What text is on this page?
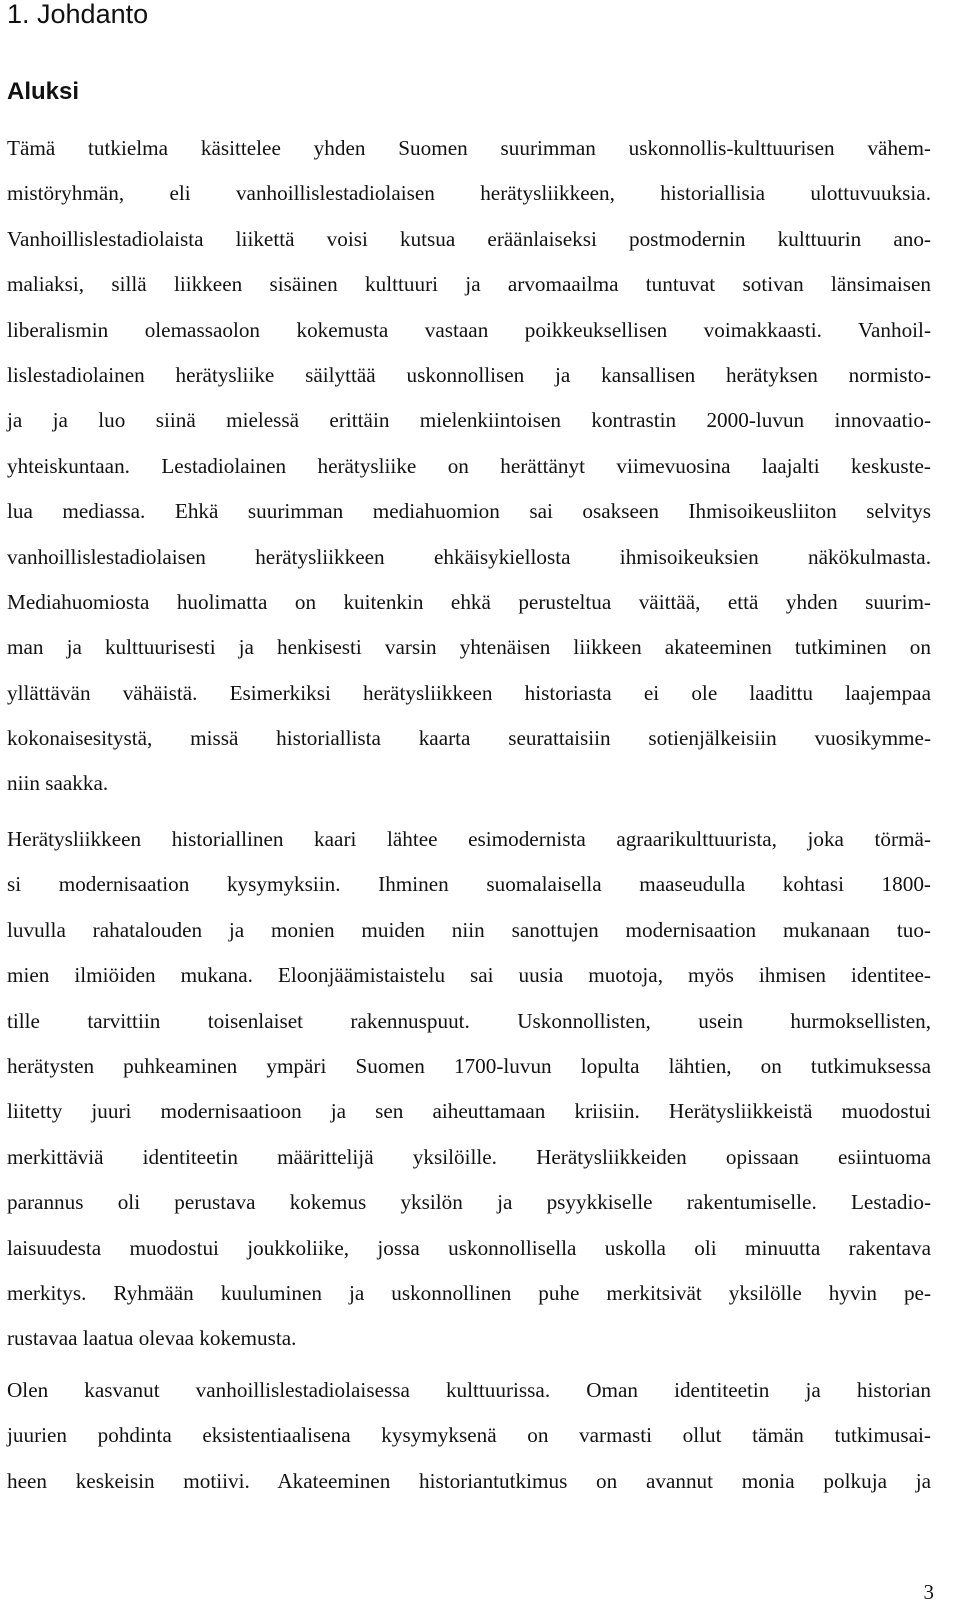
1. Johdanto
Aluksi
Tämä tutkielma käsittelee yhden Suomen suurimman uskonnollis-kulttuurisen vähem-
mistöryhmän, eli vanhoillislestadiolaisen herätysliikkeen, historiallisia ulottuvuuksia.
Vanhoillislestadiolaista liikettä voisi kutsua eräänlaiseksi postmodernin kulttuurin ano-
maliaksi, sillä liikkeen sisäinen kulttuuri ja arvomaailma tuntuvat sotivan länsimaisen
liberalismin olemassaolon kokemusta vastaan poikkeuksellisen voimakkaasti. Vanhoil-
lislestadiolainen herätysliike säilyttää uskonnollisen ja kansallisen herätyksen normisto-
ja ja luo siinä mielessä erittäin mielenkiintoisen kontrastin 2000-luvun innovaatio-
yhteiskuntaan. Lestadiolainen herätysliike on herättänyt viimevuosina laajalti keskuste-
lua mediassa. Ehkä suurimman mediahuomion sai osakseen Ihmisoikeusliiton selvitys
vanhoillislestadiolaisen herätysliikkeen ehkäisykiellosta ihmisoikeuksien näkökulmasta.
Mediahuomiosta huolimatta on kuitenkin ehkä perusteltua väittää, että yhden suurim-
man ja kulttuurisesti ja henkisesti varsin yhtenäisen liikkeen akateeminen tutkiminen on
yllättävän vähäistä. Esimerkiksi herätysliikkeen historiasta ei ole laadittu laajempaa
kokonaisesitystä, missä historiallista kaarta seurattaisiin sotienjälkeisiin vuosikymme-
niin saakka.
Herätysliikkeen historiallinen kaari lähtee esimodernista agraarikulttuurista, joka törmä-
si modernisaation kysymyksiin. Ihminen suomalaisella maaseudulla kohtasi 1800-
luvulla rahatalouden ja monien muiden niin sanottujen modernisaation mukanaan tuo-
mien ilmiöiden mukana. Eloonjäämistaistelu sai uusia muotoja, myös ihmisen identitee-
tille tarvittiin toisenlaiset rakennuspuut. Uskonnollisten, usein hurmoksellisten,
herätysten puhkeaminen ympäri Suomen 1700-luvun lopulta lähtien, on tutkimuksessa
liitetty juuri modernisaatioon ja sen aiheuttamaan kriisiin. Herätysliikkeistä muodostui
merkittäviä identiteetin määrittelijä yksilöille. Herätysliikkeiden opissaan esiintuoma
parannus oli perustava kokemus yksilön ja psyykkiselle rakentumiselle. Lestadio-
laisuudesta muodostui joukkoliike, jossa uskonnollisella uskolla oli minuutta rakentava
merkitys. Ryhmään kuuluminen ja uskonnollinen puhe merkitsivät yksilölle hyvin pe-
rustavaa laatua olevaa kokemusta.
Olen kasvanut vanhoillislestadiolaisessa kulttuurissa. Oman identiteetin ja historian
juurien pohdinta eksistentiaalisena kysymyksenä on varmasti ollut tämän tutkimusai-
heen keskeisin motiivi. Akateeminen historiantutkimus on avannut monia polkuja ja
3
